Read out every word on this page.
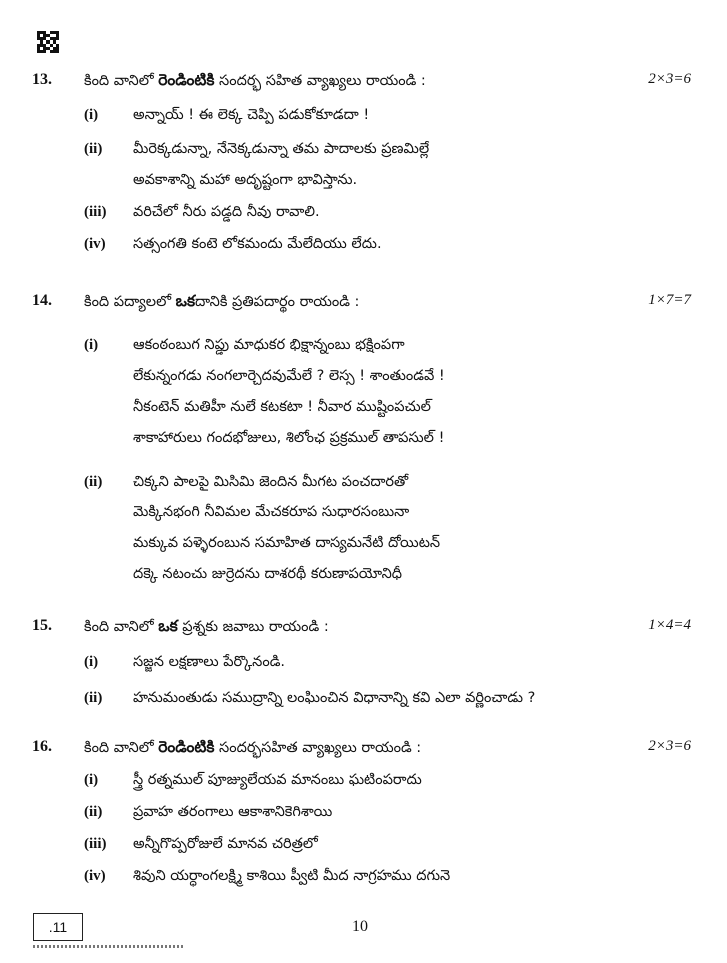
13. కింది వానిలో రెండింటికి సందర్భ సహిత వ్యాఖ్యలు రాయండి :	2×3=6
(i) అన్నాయ్ ! ఈ లెక్క చెప్పి పడుకోకూడదా !
(ii) మీరెక్కడున్నా, నేనెక్కడున్నా తమ పాదాలకు ప్రణమిల్లే
అవకాశాన్ని మహా అదృష్టంగా భావిస్తాను.
(iii) వరిచేలో నీరు పడ్డది నీవు రావాలి.
(iv) సత్సంగతి కంటె లోకమందు మేలేదియు లేదు.
14. కింది పద్యాలలో ఒకదానికి ప్రతిపదార్థం రాయండి :	1×7=7
(i) ఆకంఠంబుగ నిప్డు మాధుకర భిక్షాన్నంబు భక్షింపగా
లేకున్నంగడు నంగలార్చెదవుమేలే ? లెస్స ! శాంతుండవే !
నీకంటెన్ మతిహీ నులే కటకటా ! నీవార ముష్టింపచుల్
శాకాహారులు గందభోజులు, శిలోంఛ ప్రక్రముల్ తాపసుల్ !
(ii) చిక్కని పాలపై మిసిమి జెందిన మీగట పంచదారతో
మెక్కినభంగి నీవిమల మేచకరూప సుధారసంబునా
మక్కువ పళ్ళెరంబున సమాహిత దాస్యమనేటి దోయిటన్
దక్కె నటంచు జుర్రెదను దాశరథీ కరుణాపయోనిధీ
15. కింది వానిలో ఒక ప్రశ్నకు జవాబు రాయండి :	1×4=4
(i) సజ్జన లక్షణాలు పేర్కొనండి.
(ii) హనుమంతుడు సముద్రాన్ని లంఘించిన విధానాన్ని కవి ఎలా వర్ణించాడు ?
16. కింది వానిలో రెండింటికి సందర్భసహిత వ్యాఖ్యలు రాయండి :	2×3=6
(i) స్త్రీ రత్నముల్ పూజ్యులేయవ మానంబు ఘటింపరాదు
(ii) ప్రవాహ తరంగాలు ఆకాశానికెగిశాయి
(iii) అన్నీగొప్పరోజులే మానవ చరిత్రలో
(iv) శివుని యర్ధాంగలక్ష్మి కాశియి ప్వీటి మీద నాగ్రహము దగునె
.11	10
